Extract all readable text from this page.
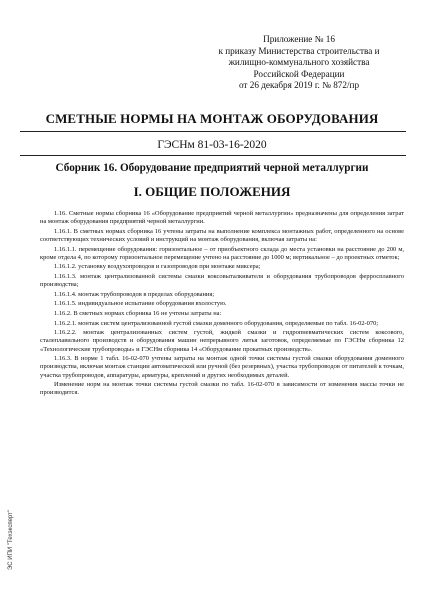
Приложение № 16
к приказу Министерства строительства и
жилищно-коммунального хозяйства
Российской Федерации
от 26 декабря 2019 г. № 872/пр
СМЕТНЫЕ НОРМЫ НА МОНТАЖ ОБОРУДОВАНИЯ
ГЭСНм 81-03-16-2020
Сборник 16. Оборудование предприятий черной металлургии
I. ОБЩИЕ ПОЛОЖЕНИЯ

1.16. Сметные нормы сборника 16 «Оборудование предприятий черной металлургии» предназначены для определения затрат на монтаж оборудования предприятий черной металлургии.

1.16.1. В сметных нормах сборника 16 учтены затраты на выполнение комплекса монтажных работ, определенного на основе соответствующих технических условий и инструкций на монтаж оборудования, включая затраты на:

1.16.1.1. перемещение оборудования: горизонтальное – от приобъектного склада до места установки на расстояние до 200 м, кроме отдела 4, по которому горизонтальное перемещение учтено на расстояние до 1000 м; вертикальное – до проектных отметок;

1.16.1.2. установку воздухопроводов и газопроводов при монтаже миксера;

1.16.1.3. монтаж централизованной системы смазки коксовыталкивателя и оборудования трубопроводов ферросплавного производства;

1.16.1.4. монтаж трубопроводов в пределах оборудования;

1.16.1.5. индивидуальное испытание оборудования вхолостую.

1.16.2. В сметных нормах сборника 16 не учтены затраты на:

1.16.2.1. монтаж систем централизованной густой смазки доменного оборудования, определяемые по табл. 16-02-070;

1.16.2.2. монтаж централизованных систем густой, жидкой смазки и гидропневматических систем коксового, сталеплавильного производств и оборудования машин непрерывного литья заготовок, определяемые по ГЭСНм сборника 12 «Технологические трубопроводы» и ГЭСНм сборника 14 «Оборудование прокатных производств».

1.16.3. В норме 1 табл. 16-02-070 учтены затраты на монтаж одной точки системы густой смазки оборудования доменного производства, включая монтаж станции автоматической или ручной (без резервных), участка трубопроводов от питателей к точкам, участка трубопроводов, аппаратуры, арматуры, креплений и других необходимых деталей.

Изменение норм на монтаж точки системы густой смазки по табл. 16-02-070 в зависимости от изменения массы точки не производится.

ЭС ИПИ "Техэксперт"
